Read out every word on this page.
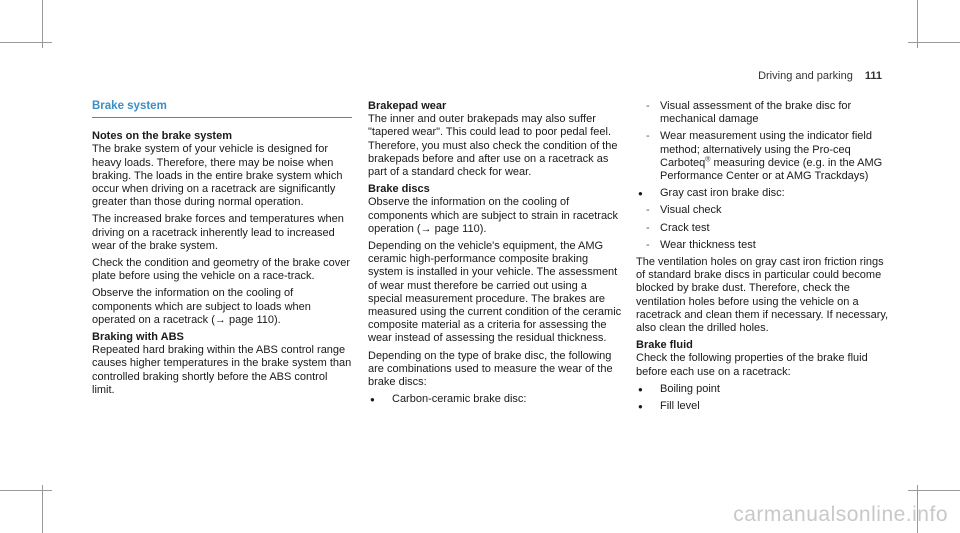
Driving and parking 111
Brake system
Notes on the brake system

The brake system of your vehicle is designed for heavy loads. Therefore, there may be noise when braking. The loads in the entire brake system which occur when driving on a racetrack are significantly greater than those during normal operation.

The increased brake forces and temperatures when driving on a racetrack inherently lead to increased wear of the brake system.

Check the condition and geometry of the brake cover plate before using the vehicle on a race-track.

Observe the information on the cooling of components which are subject to loads when operated on a racetrack (→ page 110).

Braking with ABS

Repeated hard braking within the ABS control range causes higher temperatures in the brake system than controlled braking shortly before the ABS control limit.

Brakepad wear

The inner and outer brakepads may also suffer "tapered wear". This could lead to poor pedal feel. Therefore, you must also check the condition of the brakepads before and after use on a racetrack as part of a standard check for wear.

Brake discs

Observe the information on the cooling of components which are subject to strain in racetrack operation (→ page 110).

Depending on the vehicle's equipment, the AMG ceramic high-performance composite braking system is installed in your vehicle. The assessment of wear must therefore be carried out using a special measurement procedure. The brakes are measured using the current condition of the ceramic composite material as a criteria for assessing the wear instead of assessing the residual thickness.

Depending on the type of brake disc, the following are combinations used to measure the wear of the brake discs:

● Carbon-ceramic brake disc:
- Visual assessment of the brake disc for mechanical damage
- Wear measurement using the indicator field method; alternatively using the Pro-ceq Carboteq® measuring device (e.g. in the AMG Performance Center or at AMG Trackdays)
● Gray cast iron brake disc:
- Visual check
- Crack test
- Wear thickness test

The ventilation holes on gray cast iron friction rings of standard brake discs in particular could become blocked by brake dust. Therefore, check the ventilation holes before using the vehicle on a racetrack and clean them if necessary. If necessary, also clean the drilled holes.

Brake fluid

Check the following properties of the brake fluid before each use on a racetrack:

● Boiling point
● Fill level
carmanualsonline.info
